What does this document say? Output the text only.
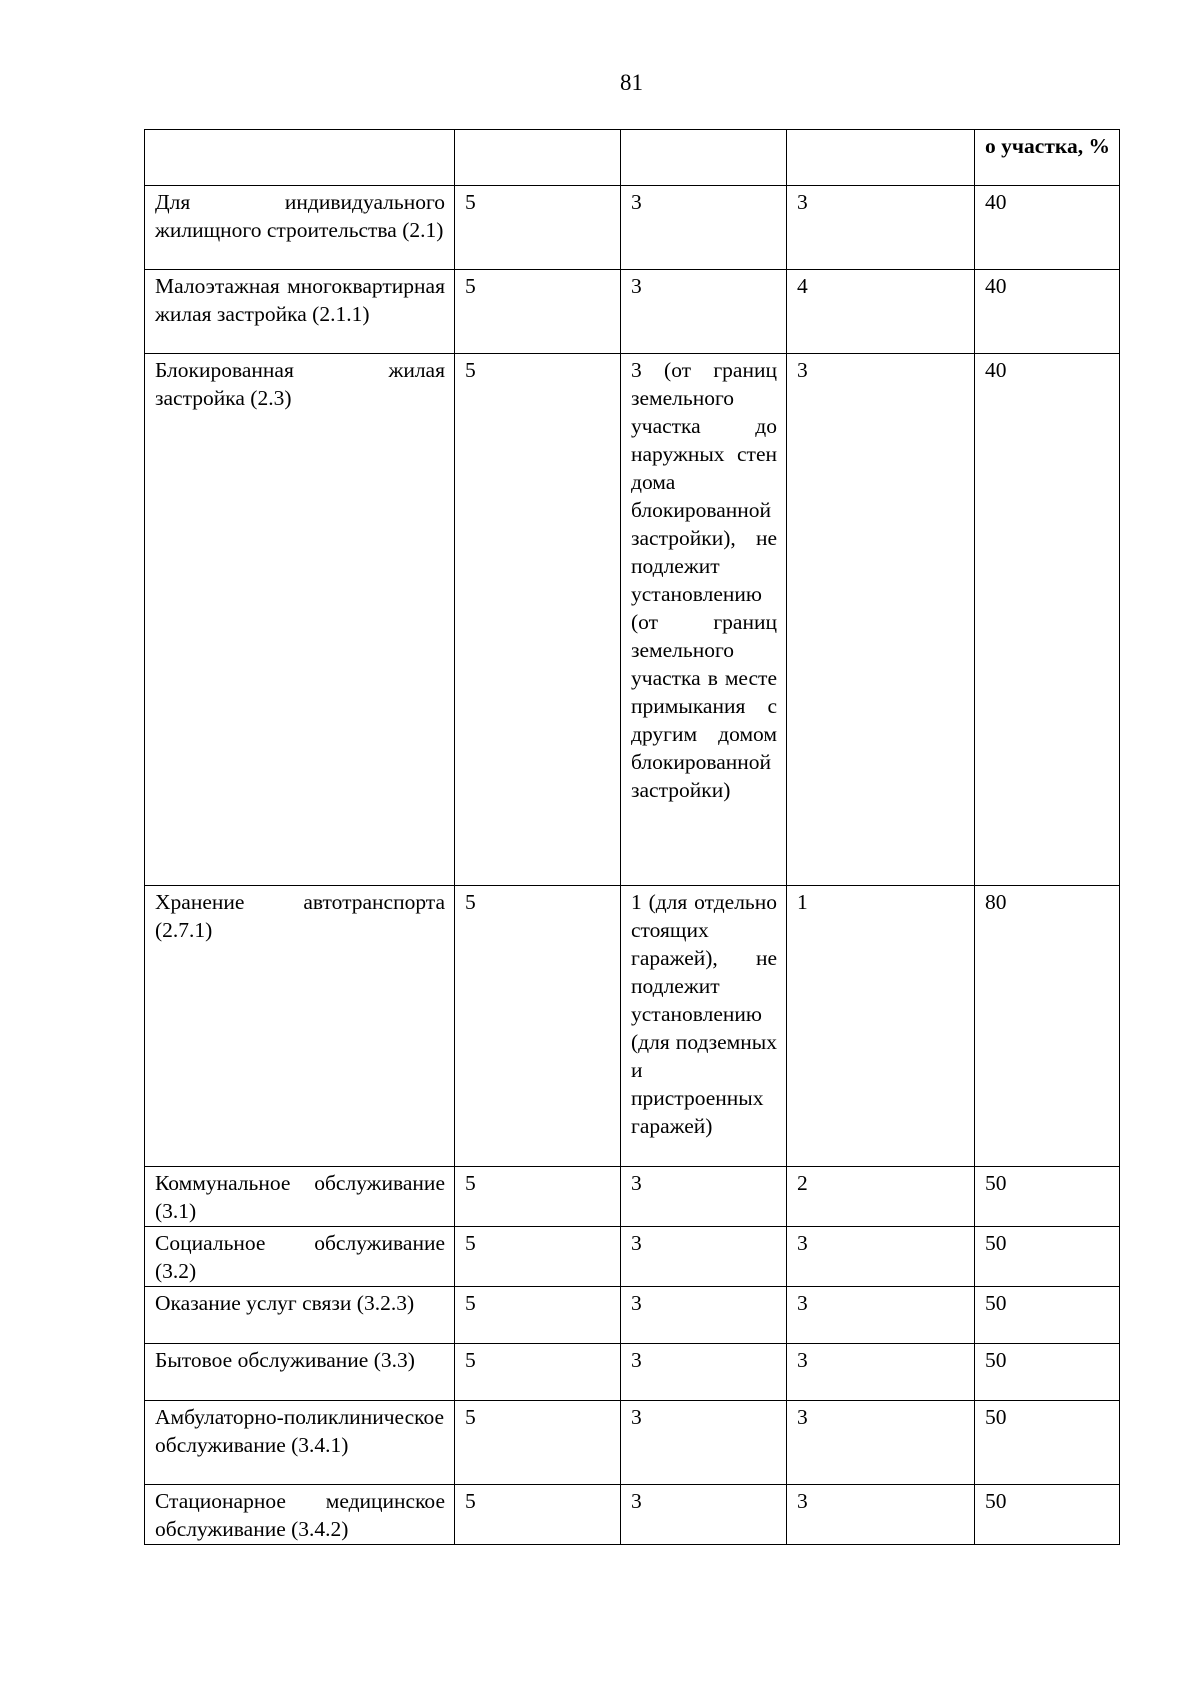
81
				о участка, %
Для индивидуального жилищного строительства (2.1)	5	3	3	40
Малоэтажная многоквартирная жилая застройка (2.1.1)	5	3	4	40
Блокированная жилая застройка (2.3)	5	3 (от границ земельного участка до наружных стен дома блокированной застройки), не подлежит установлению (от границ земельного участка в месте примыкания с другим домом блокированной застройки)	3	40
Хранение автотранспорта (2.7.1)	5	1 (для отдельно стоящих гаражей), не подлежит установлению (для подземных и пристроенных гаражей)	1	80
Коммунальное обслуживание (3.1)	5	3	2	50
Социальное обслуживание (3.2)	5	3	3	50
Оказание услуг связи (3.2.3)	5	3	3	50
Бытовое обслуживание (3.3)	5	3	3	50
Амбулаторно-поликлиническое обслуживание (3.4.1)	5	3	3	50
Стационарное медицинское обслуживание (3.4.2)	5	3	3	50
